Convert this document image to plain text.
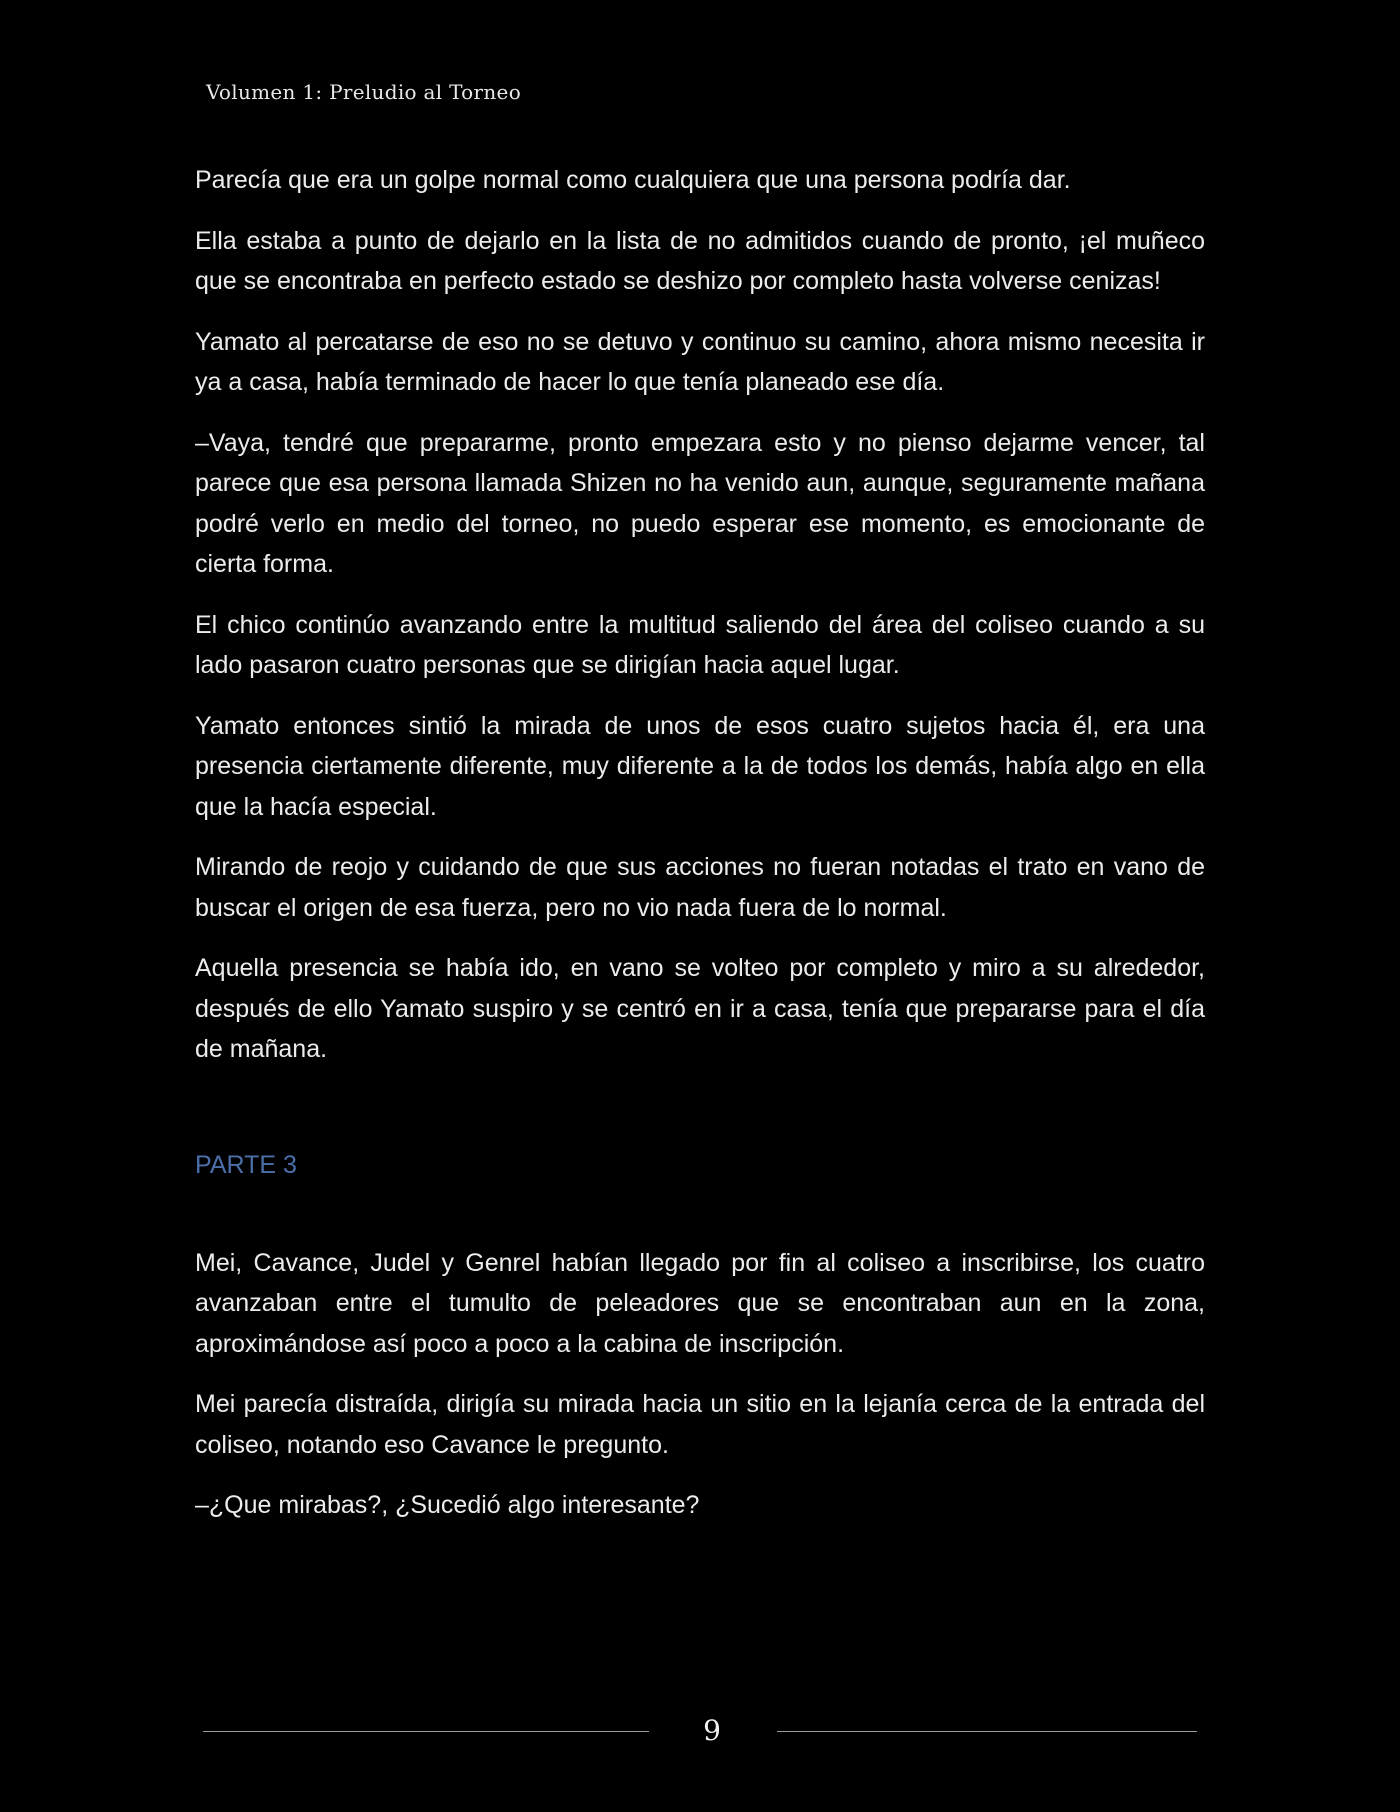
Volumen 1: Preludio al Torneo

Parecía que era un golpe normal como cualquiera que una persona podría dar.

Ella estaba a punto de dejarlo en la lista de no admitidos cuando de pronto, ¡el muñeco que se encontraba en perfecto estado se deshizo por completo hasta volverse cenizas!

Yamato al percatarse de eso no se detuvo y continuo su camino, ahora mismo necesita ir ya a casa, había terminado de hacer lo que tenía planeado ese día.

–Vaya, tendré que prepararme, pronto empezara esto y no pienso dejarme vencer, tal parece que esa persona llamada Shizen no ha venido aun, aunque, seguramente mañana podré verlo en medio del torneo, no puedo esperar ese momento, es emocionante de cierta forma.

El chico continúo avanzando entre la multitud saliendo del área del coliseo cuando a su lado pasaron cuatro personas que se dirigían hacia aquel lugar.

Yamato entonces sintió la mirada de unos de esos cuatro sujetos hacia él, era una presencia ciertamente diferente, muy diferente a la de todos los demás, había algo en ella que la hacía especial.

Mirando de reojo y cuidando de que sus acciones no fueran notadas el trato en vano de buscar el origen de esa fuerza, pero no vio nada fuera de lo normal.

Aquella presencia se había ido, en vano se volteo por completo y miro a su alrededor, después de ello Yamato suspiro y se centró en ir a casa, tenía que prepararse para el día de mañana.

PARTE 3

Mei, Cavance, Judel y Genrel habían llegado por fin al coliseo a inscribirse, los cuatro avanzaban entre el tumulto de peleadores que se encontraban aun en la zona, aproximándose así poco a poco a la cabina de inscripción.

Mei parecía distraída, dirigía su mirada hacia un sitio en la lejanía cerca de la entrada del coliseo, notando eso Cavance le pregunto.

–¿Que mirabas?, ¿Sucedió algo interesante?

9
